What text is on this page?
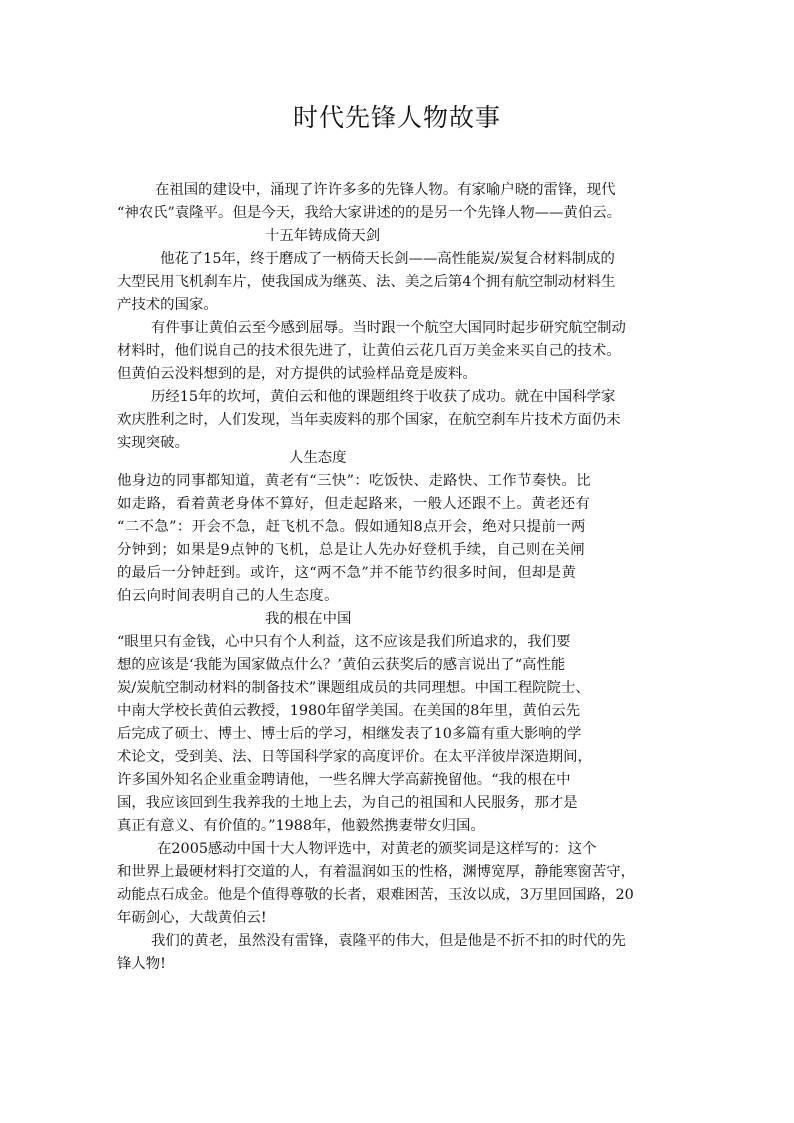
时代先锋人物故事

在祖国的建设中，涌现了许许多多的先锋人物。有家喻户晓的雷锋，现代

“神农氏”袁隆平。但是今天，我给大家讲述的的是另一个先锋人物——黄伯云。

十五年铸成倚天剑

他花了15年，终于磨成了一柄倚天长剑——高性能炭/炭复合材料制成的

大型民用飞机刹车片，使我国成为继英、法、美之后第4个拥有航空制动材料生

产技术的国家。

有件事让黄伯云至今感到屈辱。当时跟一个航空大国同时起步研究航空制动

材料时，他们说自己的技术很先进了，让黄伯云花几百万美金来买自己的技术。

但黄伯云没料想到的是，对方提供的试验样品竟是废料。

历经15年的坎坷，黄伯云和他的课题组终于收获了成功。就在中国科学家

欢庆胜利之时，人们发现，当年卖废料的那个国家，在航空刹车片技术方面仍未

实现突破。

人生态度

他身边的同事都知道，黄老有“三快”：吃饭快、走路快、工作节奏快。比

如走路，看着黄老身体不算好，但走起路来，一般人还跟不上。黄老还有

“二不急”：开会不急，赶飞机不急。假如通知8点开会，绝对只提前一两

分钟到；如果是9点钟的飞机，总是让人先办好登机手续，自己则在关闸

的最后一分钟赶到。或许，这“两不急”并不能节约很多时间，但却是黄

伯云向时间表明自己的人生态度。

我的根在中国

“眼里只有金钱，心中只有个人利益，这不应该是我们所追求的，我们要

想的应该是‘我能为国家做点什么？’黄伯云获奖后的感言说出了“高性能

炭/炭航空制动材料的制备技术”课题组成员的共同理想。中国工程院院士、

中南大学校长黄伯云教授，1980年留学美国。在美国的8年里，黄伯云先

后完成了硕士、博士、博士后的学习，相继发表了10多篇有重大影响的学

术论文，受到美、法、日等国科学家的高度评价。在太平洋彼岸深造期间，

许多国外知名企业重金聘请他，一些名牌大学高薪挽留他。“我的根在中

国，我应该回到生我养我的土地上去，为自己的祖国和人民服务，那才是

真正有意义、有价值的。”1988年，他毅然携妻带女归国。

在2005感动中国十大人物评选中，对黄老的颁奖词是这样写的：这个

和世界上最硬材料打交道的人，有着温润如玉的性格，渊博宽厚，静能寒窗苦守，

动能点石成金。他是个值得尊敬的长者，艰难困苦，玉汝以成，3万里回国路，20

年砺剑心，大哉黄伯云!

我们的黄老，虽然没有雷锋，袁隆平的伟大，但是他是不折不扣的时代的先

锋人物!
